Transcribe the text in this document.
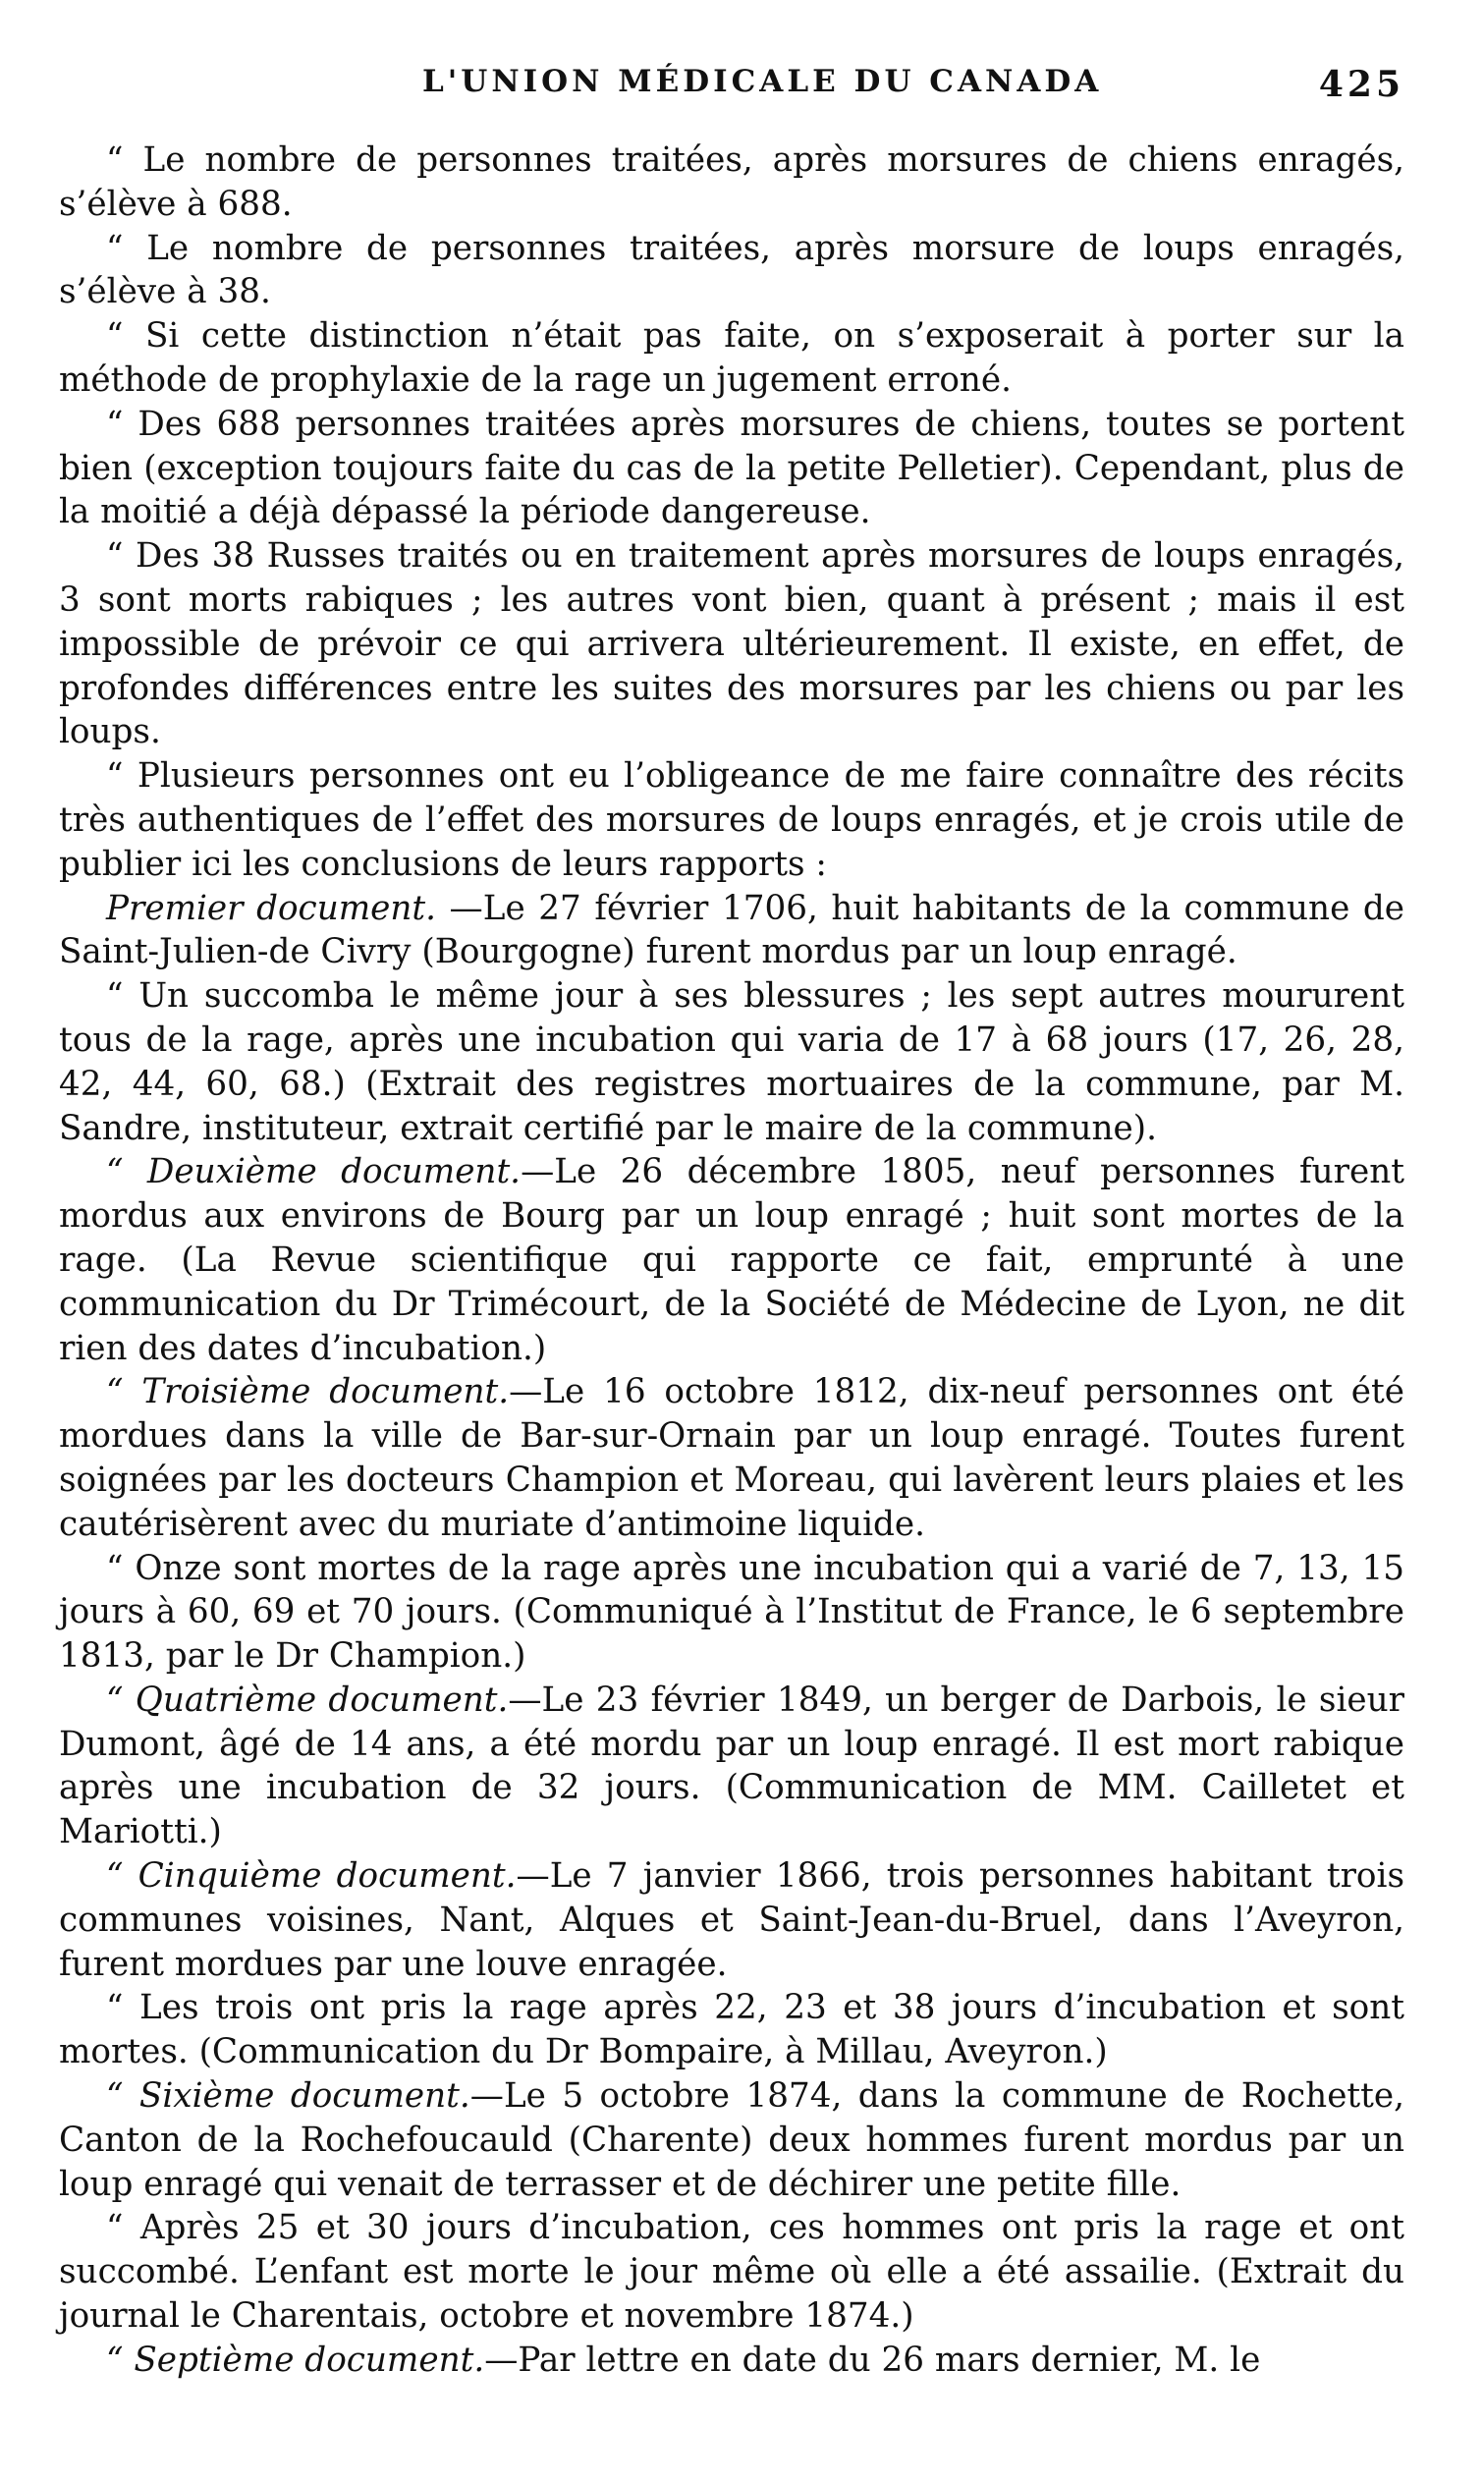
L'UNION MÉDICALE DU CANADA	425

“ Le nombre de personnes traitées, après morsures de chiens enragés, s’élève à 688.

“ Le nombre de personnes traitées, après morsure de loups enragés, s’élève à 38.

“ Si cette distinction n’était pas faite, on s’exposerait à porter sur la méthode de prophylaxie de la rage un jugement erroné.

“ Des 688 personnes traitées après morsures de chiens, toutes se portent bien (exception toujours faite du cas de la petite Pelletier). Cependant, plus de la moitié a déjà dépassé la période dangereuse.

“ Des 38 Russes traités ou en traitement après morsures de loups enragés, 3 sont morts rabiques ; les autres vont bien, quant à présent ; mais il est impossible de prévoir ce qui arrivera ultérieurement. Il existe, en effet, de profondes différences entre les suites des morsures par les chiens ou par les loups.

“ Plusieurs personnes ont eu l’obligeance de me faire connaître des récits très authentiques de l’effet des morsures de loups enragés, et je crois utile de publier ici les conclusions de leurs rapports :

Premier document. —Le 27 février 1706, huit habitants de la commune de Saint-Julien-de Civry (Bourgogne) furent mordus par un loup enragé.

“ Un succomba le même jour à ses blessures ; les sept autres moururent tous de la rage, après une incubation qui varia de 17 à 68 jours (17, 26, 28, 42, 44, 60, 68.) (Extrait des registres mortuaires de la commune, par M. Sandre, instituteur, extrait certifié par le maire de la commune).

“ Deuxième document.—Le 26 décembre 1805, neuf personnes furent mordus aux environs de Bourg par un loup enragé ; huit sont mortes de la rage. (La Revue scientifique qui rapporte ce fait, emprunté à une communication du Dr Trimécourt, de la Société de Médecine de Lyon, ne dit rien des dates d’incubation.)

“ Troisième document.—Le 16 octobre 1812, dix-neuf personnes ont été mordues dans la ville de Bar-sur-Ornain par un loup enragé. Toutes furent soignées par les docteurs Champion et Moreau, qui lavèrent leurs plaies et les cautérisèrent avec du muriate d’antimoine liquide.

“ Onze sont mortes de la rage après une incubation qui a varié de 7, 13, 15 jours à 60, 69 et 70 jours. (Communiqué à l’Institut de France, le 6 septembre 1813, par le Dr Champion.)

“ Quatrième document.—Le 23 février 1849, un berger de Darbois, le sieur Dumont, âgé de 14 ans, a été mordu par un loup enragé. Il est mort rabique après une incubation de 32 jours. (Communication de MM. Cailletet et Mariotti.)

“ Cinquième document.—Le 7 janvier 1866, trois personnes habitant trois communes voisines, Nant, Alques et Saint-Jean-du-Bruel, dans l’Aveyron, furent mordues par une louve enragée.

“ Les trois ont pris la rage après 22, 23 et 38 jours d’incubation et sont mortes. (Communication du Dr Bompaire, à Millau, Aveyron.)

“ Sixième document.—Le 5 octobre 1874, dans la commune de Rochette, Canton de la Rochefoucauld (Charente) deux hommes furent mordus par un loup enragé qui venait de terrasser et de déchirer une petite fille.

“ Après 25 et 30 jours d’incubation, ces hommes ont pris la rage et ont succombé. L’enfant est morte le jour même où elle a été assailie. (Extrait du journal le Charentais, octobre et novembre 1874.)

“ Septième document.—Par lettre en date du 26 mars dernier, M. le
